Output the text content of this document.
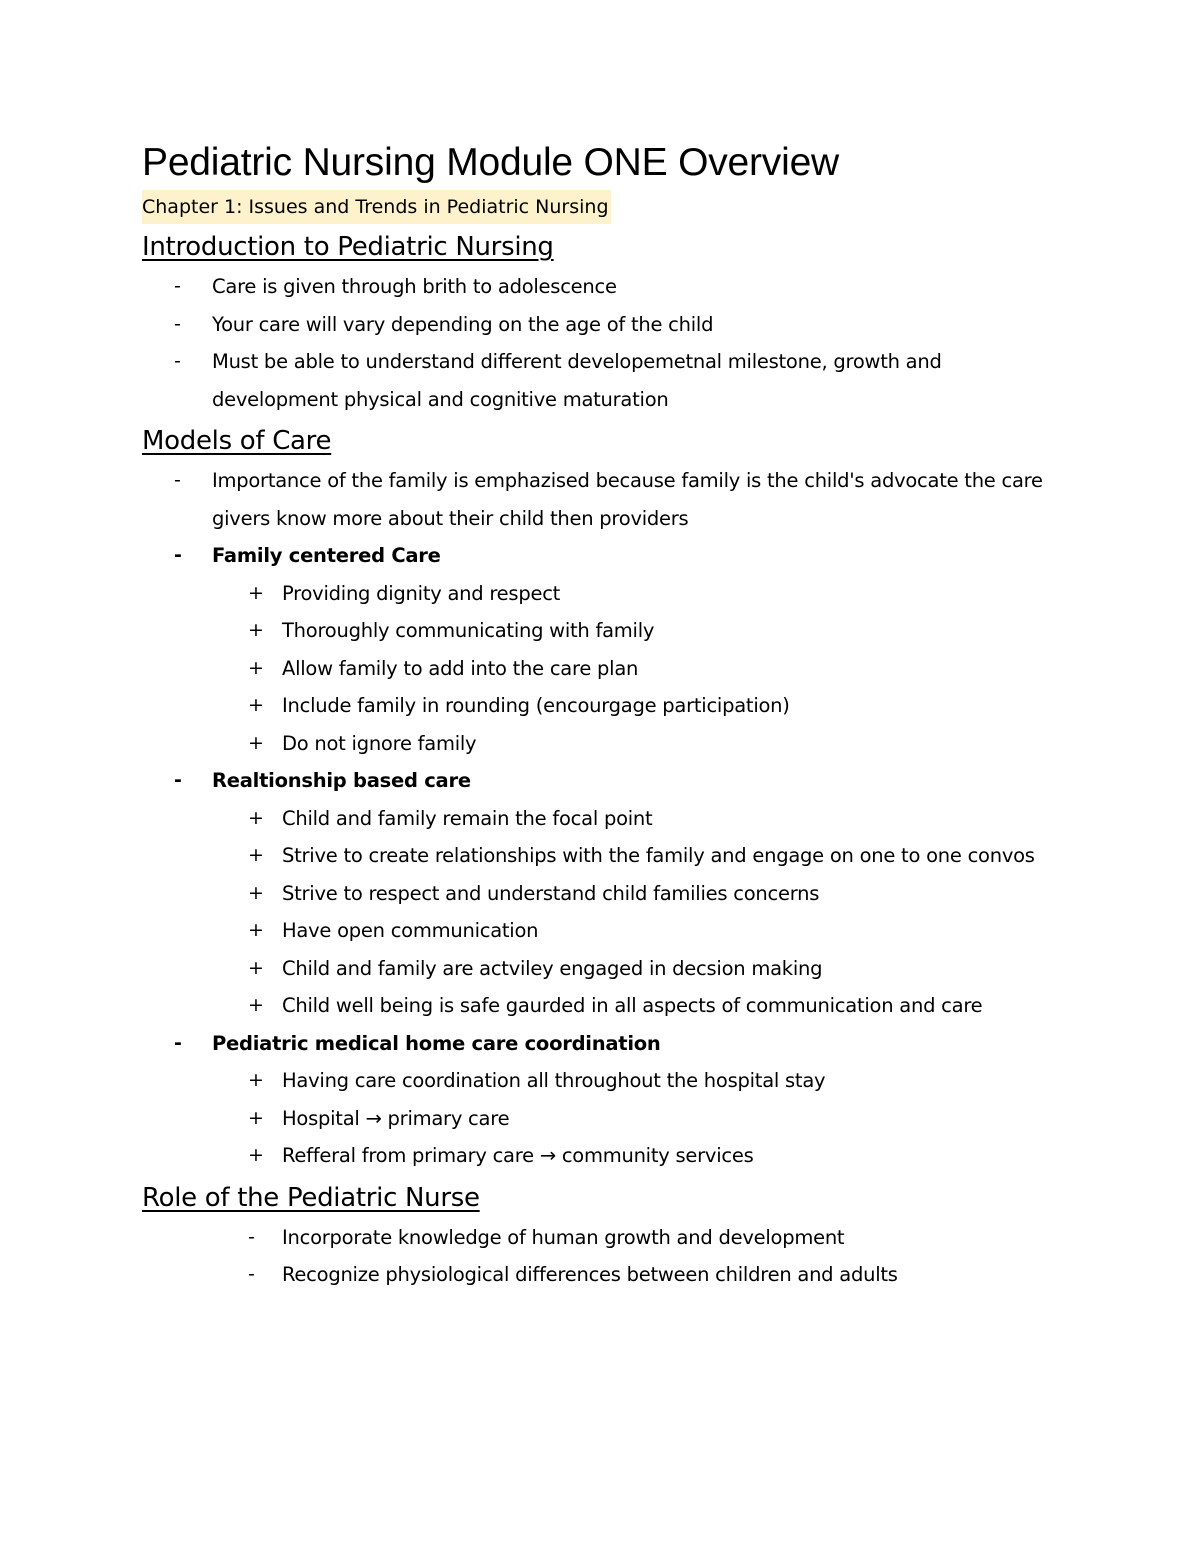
Pediatric Nursing Module ONE Overview
Chapter 1: Issues and Trends in Pediatric Nursing
Introduction to Pediatric Nursing
- Care is given through brith to adolescence
- Your care will vary depending on the age of the child
- Must be able to understand different developemetnal milestone, growth and development physical and cognitive maturation
Models of Care
- Importance of the family is emphazised because family is the child's advocate the care givers know more about their child then providers
- Family centered Care
+ Providing dignity and respect
+ Thoroughly communicating with family
+ Allow family to add into the care plan
+ Include family in rounding (encourgage participation)
+ Do not ignore family
- Realtionship based care
+ Child and family remain the focal point
+ Strive to create relationships with the family and engage on one to one convos
+ Strive to respect and understand child families concerns
+ Have open communication
+ Child and family are actviley engaged in decsion making
+ Child well being is safe gaurded in all aspects of communication and care
- Pediatric medical home care coordination
+ Having care coordination all throughout the hospital stay
+ Hospital → primary care
+ Refferal from primary care → community services
Role of the Pediatric Nurse
- Incorporate knowledge of human growth and development
- Recognize physiological differences between children and adults
